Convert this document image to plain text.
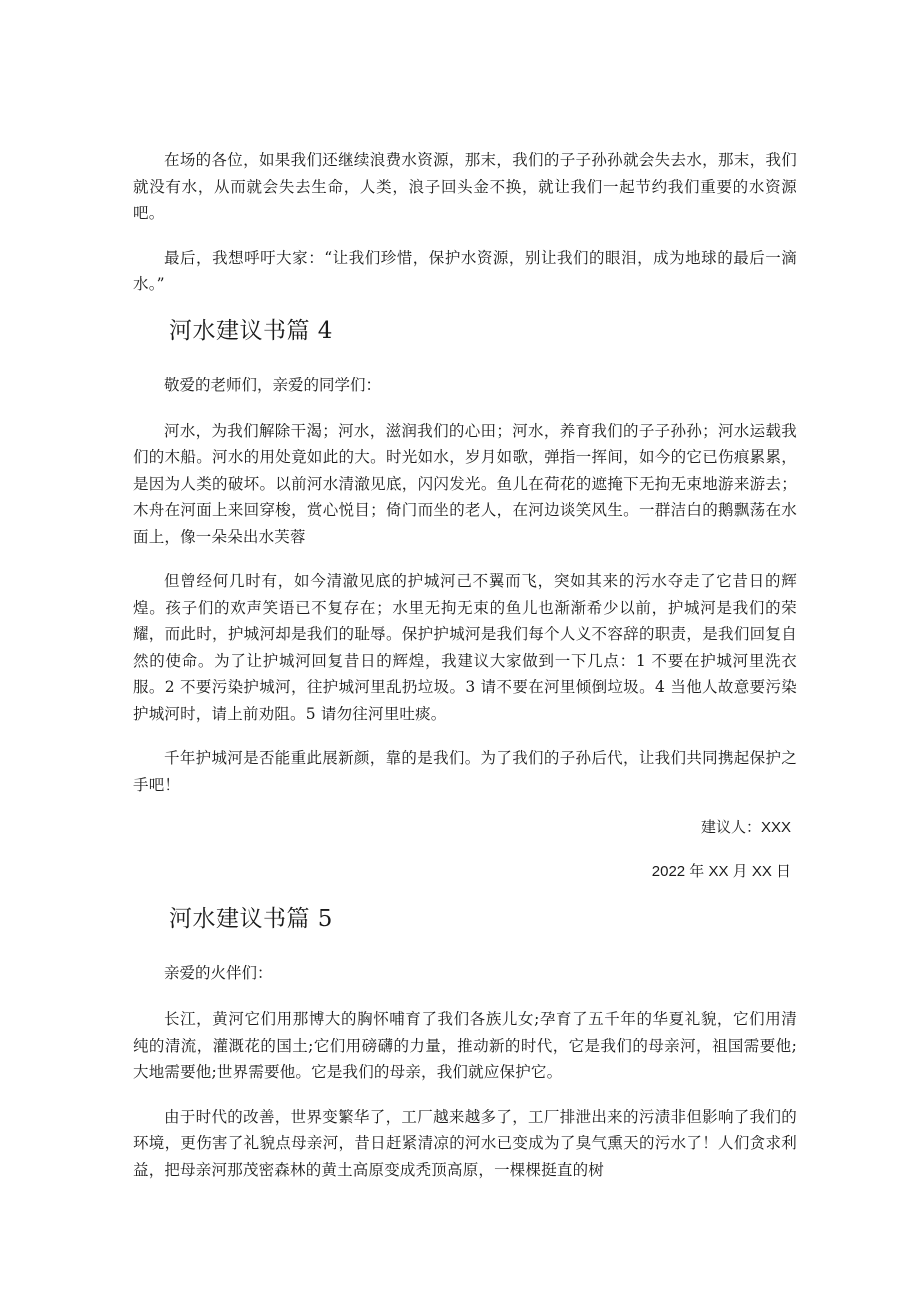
在场的各位，如果我们还继续浪费水资源，那末，我们的子子孙孙就会失去水，那末，我们就没有水，从而就会失去生命，人类，浪子回头金不换，就让我们一起节约我们重要的水资源吧。

最后，我想呼吁大家：“让我们珍惜，保护水资源，别让我们的眼泪，成为地球的最后一滴水。”

河水建议书篇 4

敬爱的老师们，亲爱的同学们：

河水，为我们解除干渴；河水，滋润我们的心田；河水，养育我们的子子孙孙；河水运载我们的木船。河水的用处竟如此的大。时光如水，岁月如歌，弹指一挥间，如今的它已伤痕累累，是因为人类的破坏。以前河水清澈见底，闪闪发光。鱼儿在荷花的遮掩下无拘无束地游来游去；木舟在河面上来回穿梭，赏心悦目；倚门而坐的老人，在河边谈笑风生。一群洁白的鹅飘荡在水面上，像一朵朵出水芙蓉

但曾经何几时有，如今清澈见底的护城河己不翼而飞，突如其来的污水夺走了它昔日的辉煌。孩子们的欢声笑语已不复存在；水里无拘无束的鱼儿也渐渐希少以前，护城河是我们的荣耀，而此时，护城河却是我们的耻辱。保护护城河是我们每个人义不容辞的职责，是我们回复自然的使命。为了让护城河回复昔日的辉煌，我建议大家做到一下几点：1 不要在护城河里洗衣服。2 不要污染护城河，往护城河里乱扔垃圾。3 请不要在河里倾倒垃圾。4 当他人故意要污染护城河时，请上前劝阻。5 请勿往河里吐痰。

千年护城河是否能重此展新颜，靠的是我们。为了我们的子孙后代，让我们共同携起保护之手吧！

建议人：XXX
2022 年 XX 月 XX 日
河水建议书篇 5

亲爱的火伴们：

长江，黄河它们用那博大的胸怀哺育了我们各族儿女;孕育了五千年的华夏礼貌，它们用清纯的清流，灌溉花的国土;它们用磅礴的力量，推动新的时代，它是我们的母亲河，祖国需要他;大地需要他;世界需要他。它是我们的母亲，我们就应保护它。

由于时代的改善，世界变繁华了，工厂越来越多了，工厂排泄出来的污渍非但影响了我们的环境，更伤害了礼貌点母亲河，昔日赶紧清凉的河水已变成为了臭气熏天的污水了！人们贪求利益，把母亲河那茂密森林的黄土高原变成秃顶高原，一棵棵挺直的树
